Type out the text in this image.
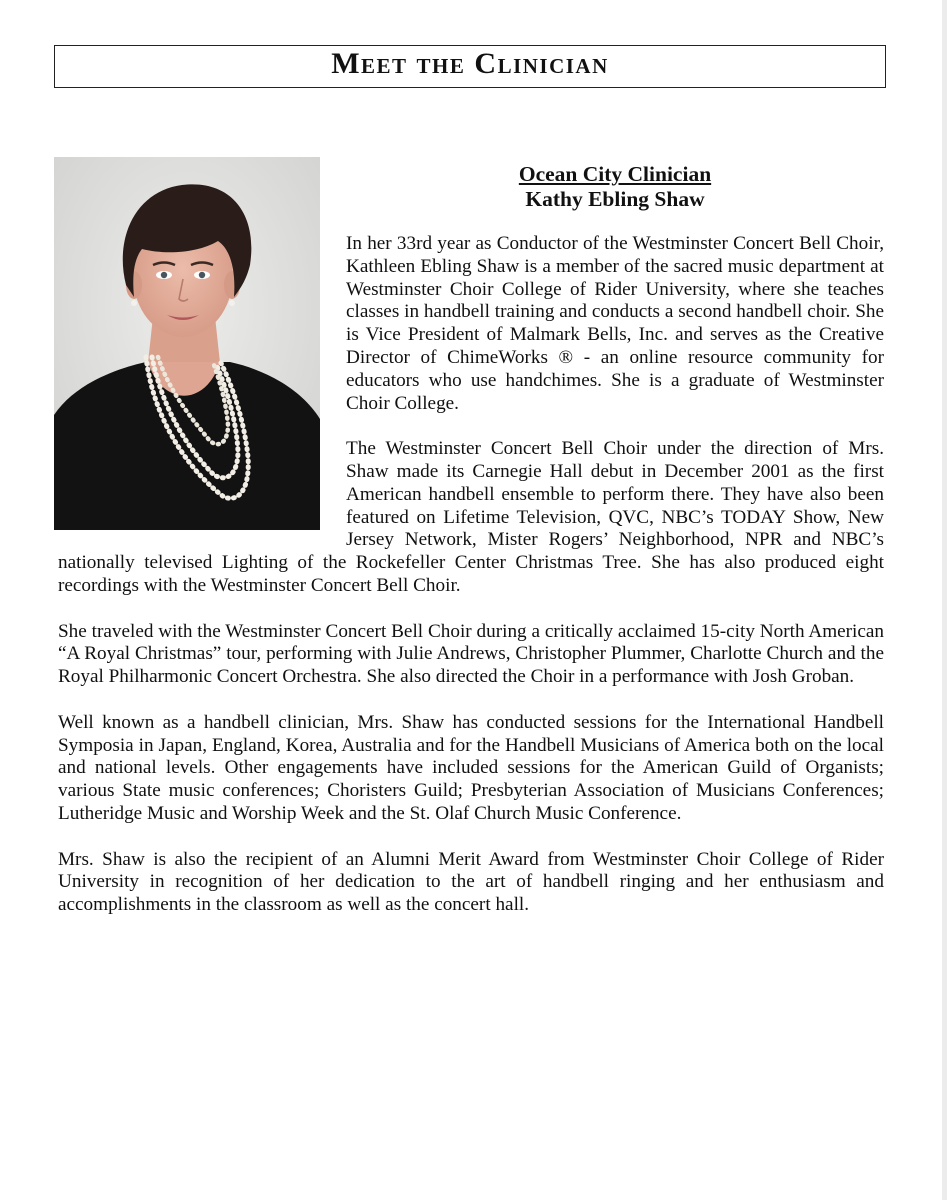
Meet the Clinician
Ocean City Clinician
Kathy Ebling Shaw

In her 33rd year as Conductor of the Westminster Concert Bell Choir, Kathleen Ebling Shaw is a member of the sacred music department at Westminster Choir College of Rider University, where she teaches classes in handbell training and conducts a second handbell choir. She is Vice President of Malmark Bells, Inc. and serves as the Creative Director of ChimeWorks ® - an online resource community for educators who use handchimes. She is a graduate of Westminster Choir College.

The Westminster Concert Bell Choir under the direction of Mrs. Shaw made its Carnegie Hall debut in December 2001 as the first American handbell ensemble to perform there. They have also been featured on Lifetime Television, QVC, NBC’s TODAY Show, New Jersey Network, Mister Rogers’ Neighborhood, NPR and NBC’s nationally televised Lighting of the Rockefeller Center Christmas Tree. She has also produced eight recordings with the Westminster Concert Bell Choir.

She traveled with the Westminster Concert Bell Choir during a critically acclaimed 15-city North American “A Royal Christmas” tour, performing with Julie Andrews, Christopher Plummer, Charlotte Church and the Royal Philharmonic Concert Orchestra. She also directed the Choir in a performance with Josh Groban.

Well known as a handbell clinician, Mrs. Shaw has conducted sessions for the International Handbell Symposia in Japan, England, Korea, Australia and for the Handbell Musicians of America both on the local and national levels. Other engagements have included sessions for the American Guild of Organists; various State music conferences; Choristers Guild; Presbyterian Association of Musicians Conferences; Lutheridge Music and Worship Week and the St. Olaf Church Music Conference.

Mrs. Shaw is also the recipient of an Alumni Merit Award from Westminster Choir College of Rider University in recognition of her dedication to the art of handbell ringing and her enthusiasm and accomplishments in the classroom as well as the concert hall.
